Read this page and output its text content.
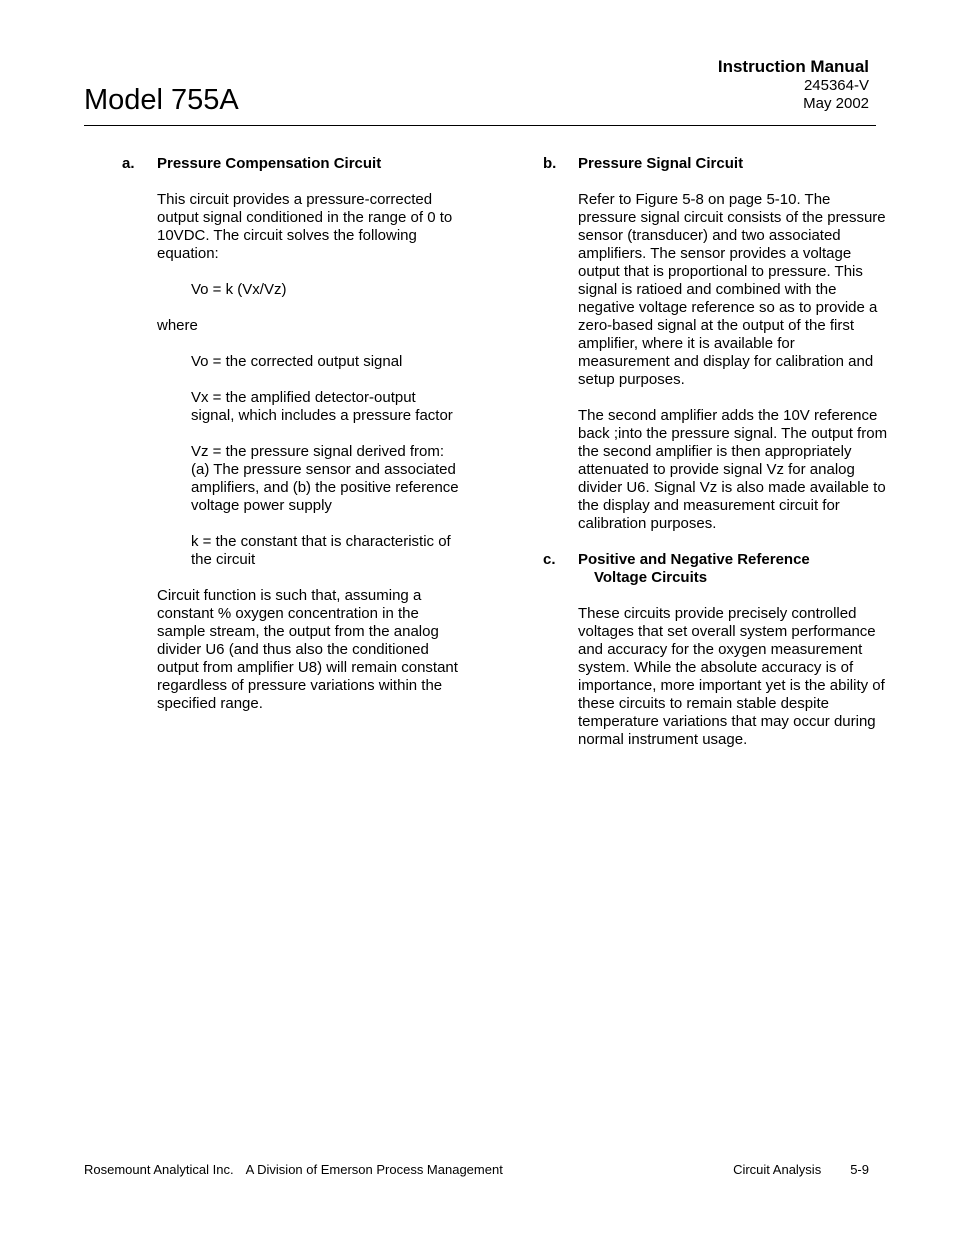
Model 755A
Instruction Manual
245364-V
May 2002
a. Pressure Compensation Circuit
This circuit provides a pressure-corrected output signal conditioned in the range of 0 to 10VDC. The circuit solves the following equation:
Vo = k (Vx/Vz)
where
Vo = the corrected output signal
Vx = the amplified detector-output signal, which includes a pressure factor
Vz = the pressure signal derived from: (a) The pressure sensor and associated amplifiers, and (b) the positive reference voltage power supply
k = the constant that is characteristic of the circuit
Circuit function is such that, assuming a constant % oxygen concentration in the sample stream, the output from the analog divider U6 (and thus also the conditioned output from amplifier U8) will remain constant regardless of pressure variations within the specified range.
b. Pressure Signal Circuit
Refer to Figure 5-8 on page 5-10. The pressure signal circuit consists of the pressure sensor (transducer) and two associated amplifiers. The sensor provides a voltage output that is proportional to pressure. This signal is ratioed and combined with the negative voltage reference so as to provide a zero-based signal at the output of the first amplifier, where it is available for measurement and display for calibration and setup purposes.
The second amplifier adds the 10V reference back ;into the pressure signal. The output from the second amplifier is then appropriately attenuated to provide signal Vz for analog divider U6. Signal Vz is also made available to the display and measurement circuit for calibration purposes.
c. Positive and Negative Reference
Voltage Circuits
These circuits provide precisely controlled voltages that set overall system performance and accuracy for the oxygen measurement system. While the absolute accuracy is of importance, more important yet is the ability of these circuits to remain stable despite temperature variations that may occur during normal instrument usage.
Rosemount Analytical Inc. A Division of Emerson Process Management	Circuit Analysis 5-9
